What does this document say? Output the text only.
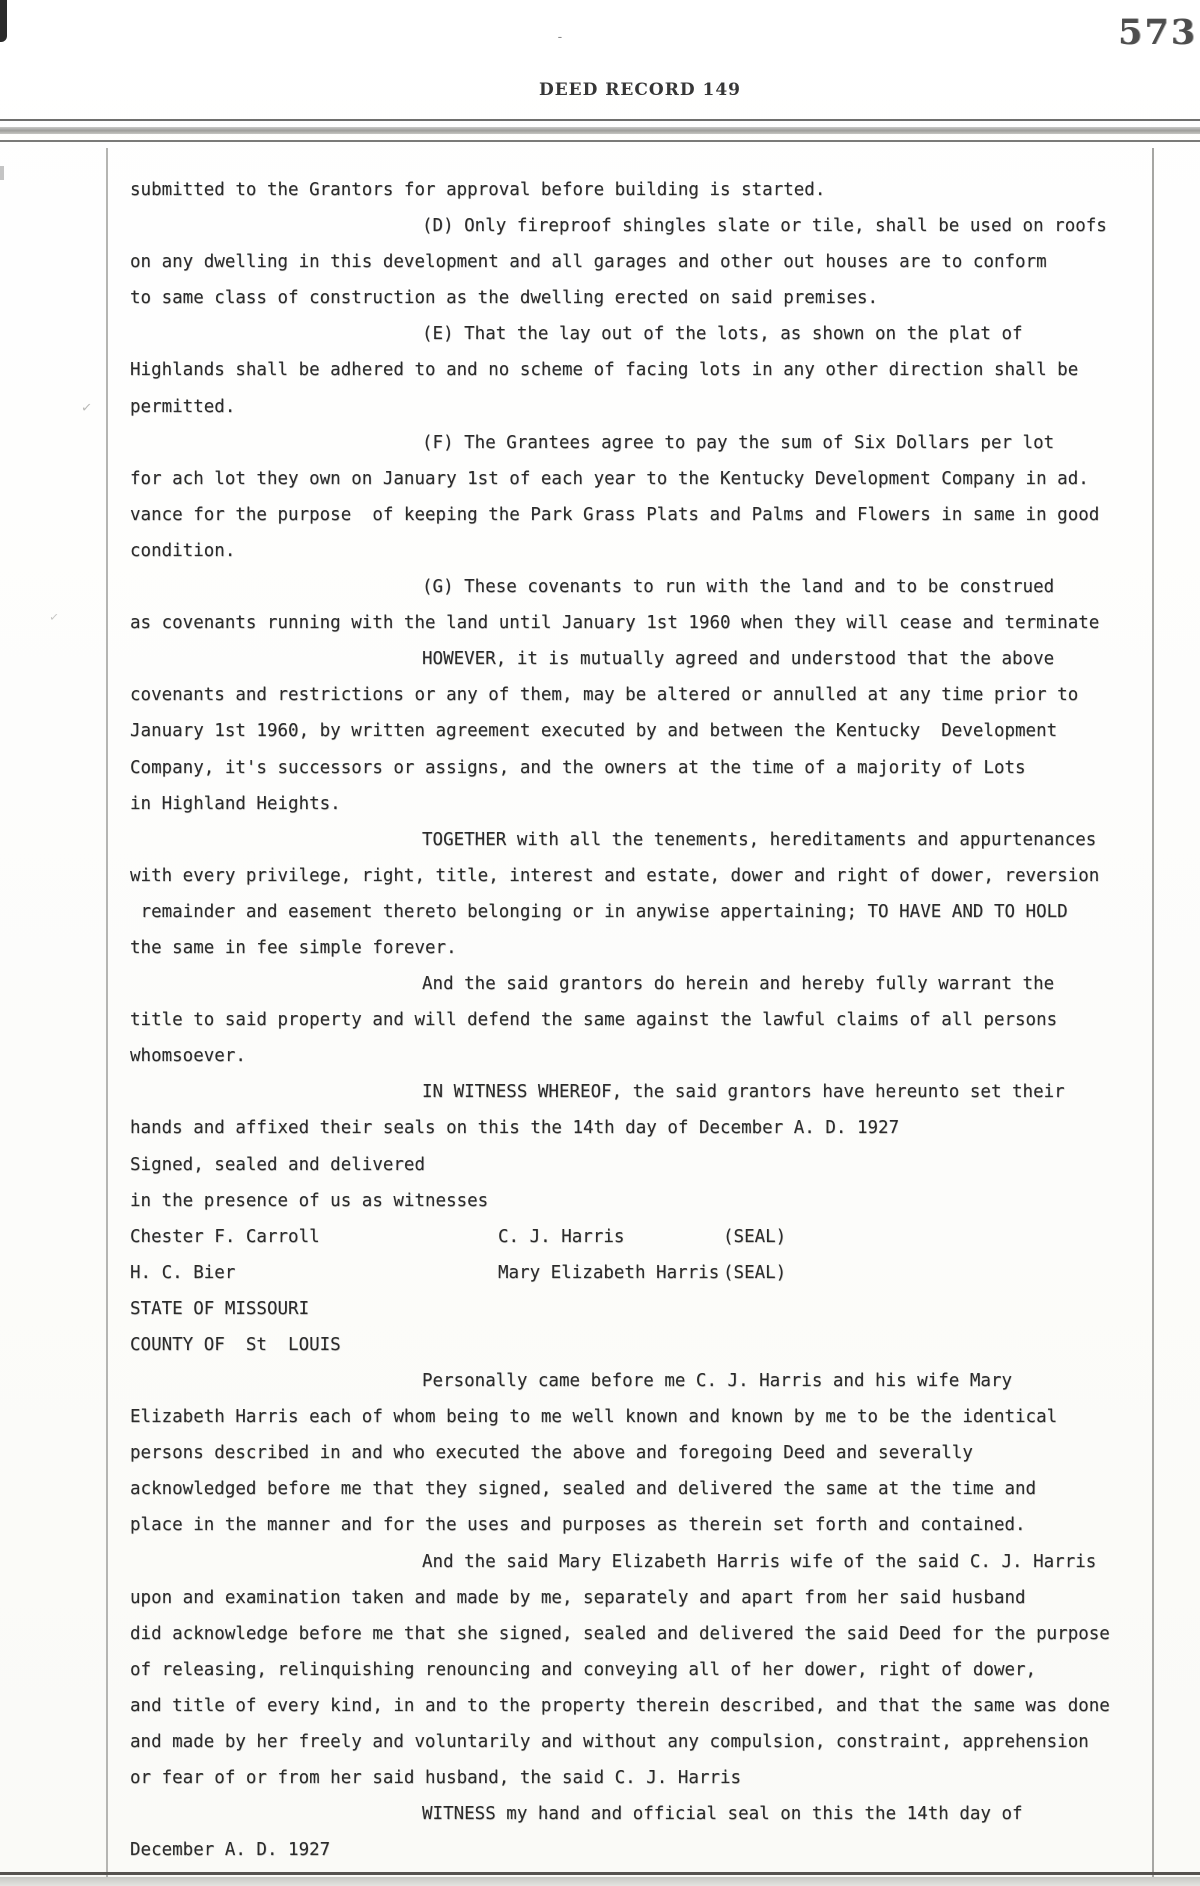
-	573
DEED RECORD 149
✓
✓
submitted to the Grantors for approval before building is started.
(D) Only fireproof shingles slate or tile, shall be used on roofs
on any dwelling in this development and all garages and other out houses are to conform
to same class of construction as the dwelling erected on said premises.
(E) That the lay out of the lots, as shown on the plat of
Highlands shall be adhered to and no scheme of facing lots in any other direction shall be
permitted.
(F) The Grantees agree to pay the sum of Six Dollars per lot
for ach lot they own on January 1st of each year to the Kentucky Development Company in ad.
vance for the purpose  of keeping the Park Grass Plats and Palms and Flowers in same in good
condition.
(G) These covenants to run with the land and to be construed
as covenants running with the land until January 1st 1960 when they will cease and terminate
HOWEVER, it is mutually agreed and understood that the above
covenants and restrictions or any of them, may be altered or annulled at any time prior to
January 1st 1960, by written agreement executed by and between the Kentucky  Development
Company, it's successors or assigns, and the owners at the time of a majority of Lots
in Highland Heights.
TOGETHER with all the tenements, hereditaments and appurtenances
with every privilege, right, title, interest and estate, dower and right of dower, reversion
remainder and easement thereto belonging or in anywise appertaining; TO HAVE AND TO HOLD
the same in fee simple forever.
And the said grantors do herein and hereby fully warrant the
title to said property and will defend the same against the lawful claims of all persons
whomsoever.
IN WITNESS WHEREOF, the said grantors have hereunto set their
hands and affixed their seals on this the 14th day of December A. D. 1927
Signed, sealed and delivered
in the presence of us as witnesses
Chester F. Carroll	C. J. Harris	(SEAL)
H. C. Bier	Mary Elizabeth Harris (SEAL)
STATE OF MISSOURI
COUNTY OF  St  LOUIS
Personally came before me C. J. Harris and his wife Mary
Elizabeth Harris each of whom being to me well known and known by me to be the identical
persons described in and who executed the above and foregoing Deed and severally
acknowledged before me that they signed, sealed and delivered the same at the time and
place in the manner and for the uses and purposes as therein set forth and contained.
And the said Mary Elizabeth Harris wife of the said C. J. Harris
upon and examination taken and made by me, separately and apart from her said husband
did acknowledge before me that she signed, sealed and delivered the said Deed for the purpose
of releasing, relinquishing renouncing and conveying all of her dower, right of dower,
and title of every kind, in and to the property therein described, and that the same was done
and made by her freely and voluntarily and without any compulsion, constraint, apprehension
or fear of or from her said husband, the said C. J. Harris
WITNESS my hand and official seal on this the 14th day of
December A. D. 1927
